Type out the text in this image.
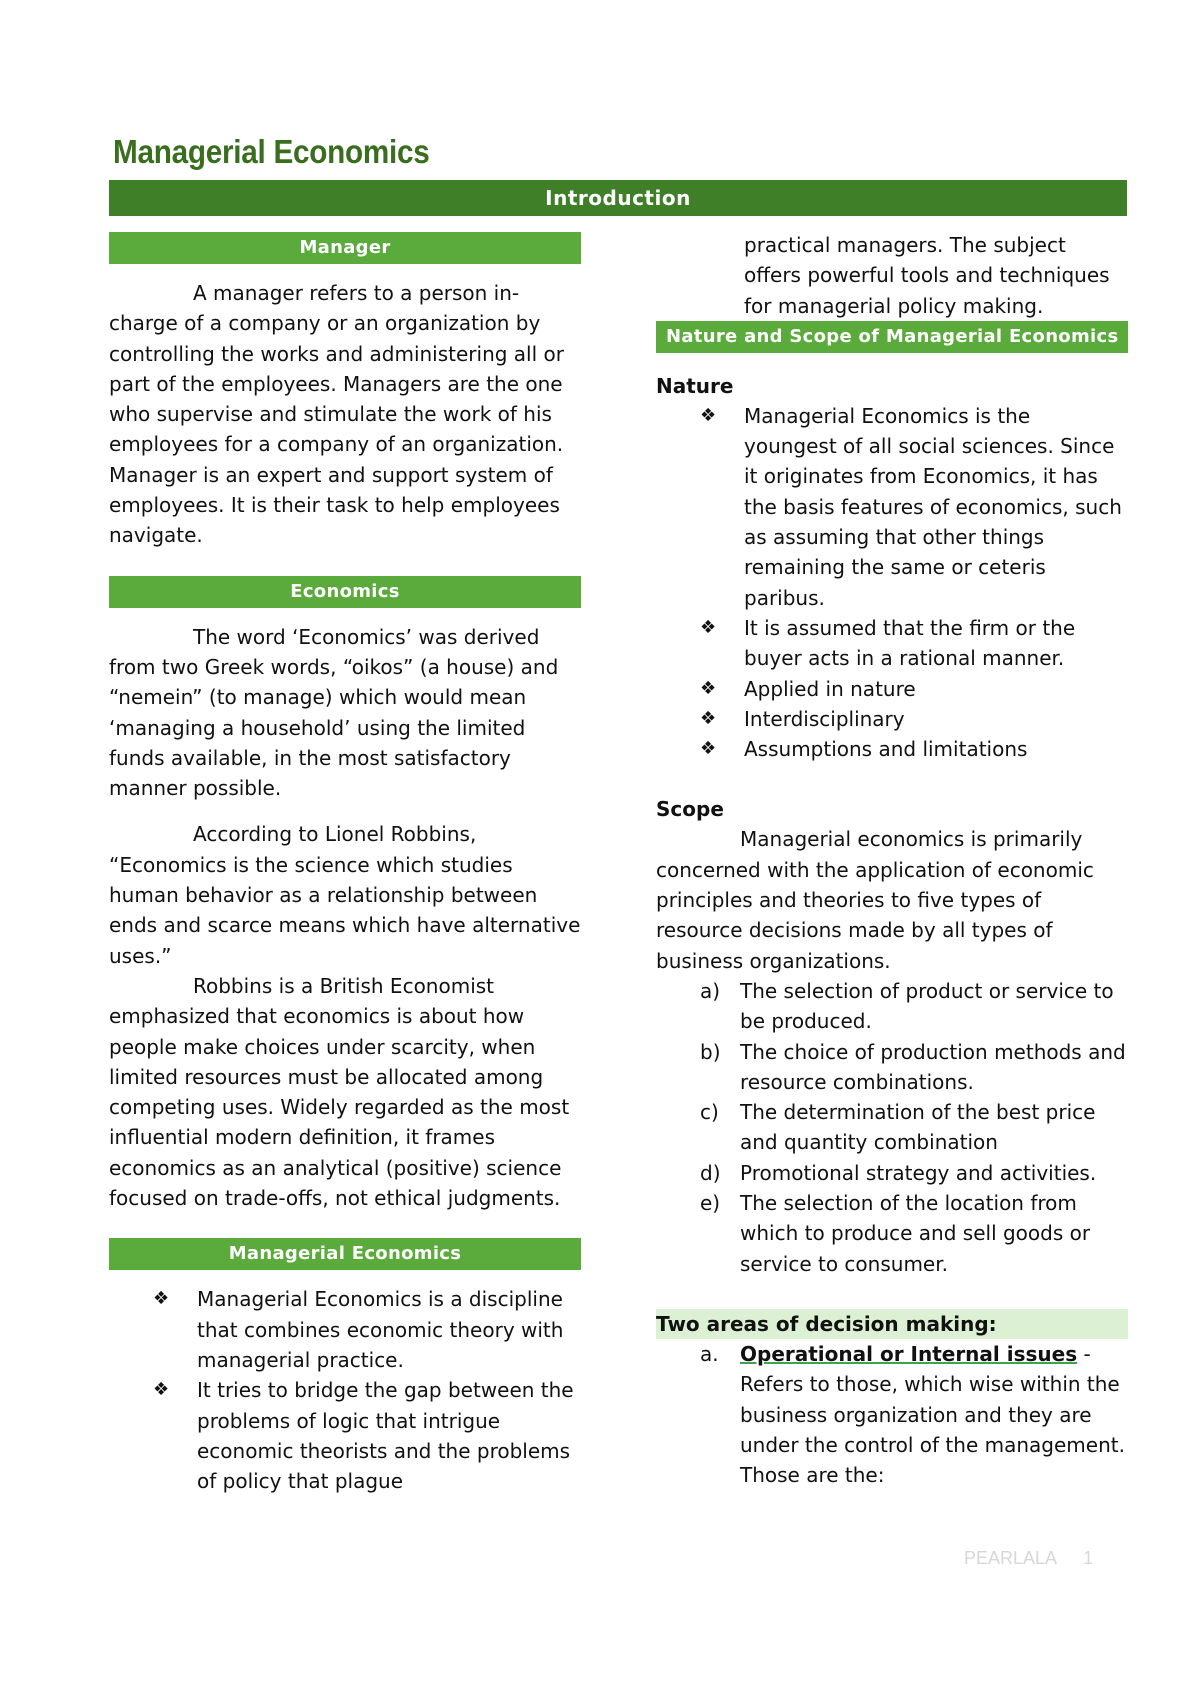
Managerial Economics
Introduction
Manager

A manager refers to a person in-charge of a company or an organization by controlling the works and administering all or part of the employees. Managers are the one who supervise and stimulate the work of his employees for a company of an organization. Manager is an expert and support system of employees. It is their task to help employees navigate.

Economics

The word ‘Economics’ was derived from two Greek words, “oikos” (a house) and “nemein” (to manage) which would mean ‘managing a household’ using the limited funds available, in the most satisfactory manner possible.

According to Lionel Robbins, “Economics is the science which studies human behavior as a relationship between ends and scarce means which have alternative uses.”

Robbins is a British Economist emphasized that economics is about how people make choices under scarcity, when limited resources must be allocated among competing uses. Widely regarded as the most influential modern definition, it frames economics as an analytical (positive) science focused on trade-offs, not ethical judgments.

Managerial Economics
❖ Managerial Economics is a discipline that combines economic theory with managerial practice.
❖ It tries to bridge the gap between the problems of logic that intrigue economic theorists and the problems of policy that plague

practical managers. The subject offers powerful tools and techniques for managerial policy making.

Nature and Scope of Managerial Economics

Nature

❖ Managerial Economics is the youngest of all social sciences. Since it originates from Economics, it has the basis features of economics, such as assuming that other things remaining the same or ceteris paribus.
❖ It is assumed that the firm or the buyer acts in a rational manner.
❖ Applied in nature
❖ Interdisciplinary
❖ Assumptions and limitations

Scope

Managerial economics is primarily concerned with the application of economic principles and theories to five types of resource decisions made by all types of business organizations.

a) The selection of product or service to be produced.
b) The choice of production methods and resource combinations.
c) The determination of the best price and quantity combination
d) Promotional strategy and activities.
e) The selection of the location from which to produce and sell goods or service to consumer.

Two areas of decision making:

a. Operational or Internal issues - Refers to those, which wise within the business organization and they are under the control of the management. Those are the:
PEARLALA 1
